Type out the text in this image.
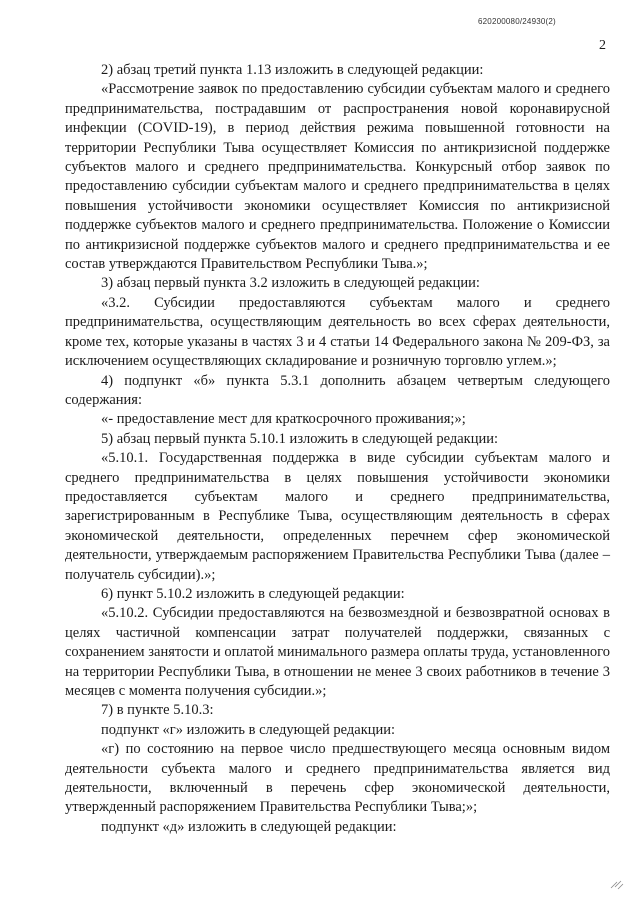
620200080/24930(2)
2

2) абзац третий пункта 1.13 изложить в следующей редакции:

«Рассмотрение заявок по предоставлению субсидии субъектам малого и среднего предпринимательства, пострадавшим от распространения новой коронавирусной инфекции (COVID-19), в период действия режима повышенной готовности на территории Республики Тыва осуществляет Комиссия по антикризисной поддержке субъектов малого и среднего предпринимательства. Конкурсный отбор заявок по предоставлению субсидии субъектам малого и среднего предпринимательства в целях повышения устойчивости экономики осуществляет Комиссия по антикризисной поддержке субъектов малого и среднего предпринимательства. Положение о Комиссии по антикризисной поддержке субъектов малого и среднего предпринимательства и ее состав утверждаются Правительством Республики Тыва.»;

3) абзац первый пункта 3.2 изложить в следующей редакции:

«3.2. Субсидии предоставляются субъектам малого и среднего предпринимательства, осуществляющим деятельность во всех сферах деятельности, кроме тех, которые указаны в частях 3 и 4 статьи 14 Федерального закона № 209-ФЗ, за исключением осуществляющих складирование и розничную торговлю углем.»;

4) подпункт «б» пункта 5.3.1 дополнить абзацем четвертым следующего содержания:

«- предоставление мест для краткосрочного проживания;»;

5) абзац первый пункта 5.10.1 изложить в следующей редакции:

«5.10.1. Государственная поддержка в виде субсидии субъектам малого и среднего предпринимательства в целях повышения устойчивости экономики предоставляется субъектам малого и среднего предпринимательства, зарегистрированным в Республике Тыва, осуществляющим деятельность в сферах экономической деятельности, определенных перечнем сфер экономической деятельности, утверждаемым распоряжением Правительства Республики Тыва (далее – получатель субсидии).»;

6) пункт 5.10.2 изложить в следующей редакции:

«5.10.2. Субсидии предоставляются на безвозмездной и безвозвратной основах в целях частичной компенсации затрат получателей поддержки, связанных с сохранением занятости и оплатой минимального размера оплаты труда, установленного на территории Республики Тыва, в отношении не менее 3 своих работников в течение 3 месяцев с момента получения субсидии.»;

7) в пункте 5.10.3:

подпункт «г» изложить в следующей редакции:

«г) по состоянию на первое число предшествующего месяца основным видом деятельности субъекта малого и среднего предпринимательства является вид деятельности, включенный в перечень сфер экономической деятельности, утвержденный распоряжением Правительства Республики Тыва;»;

подпункт «д» изложить в следующей редакции:
